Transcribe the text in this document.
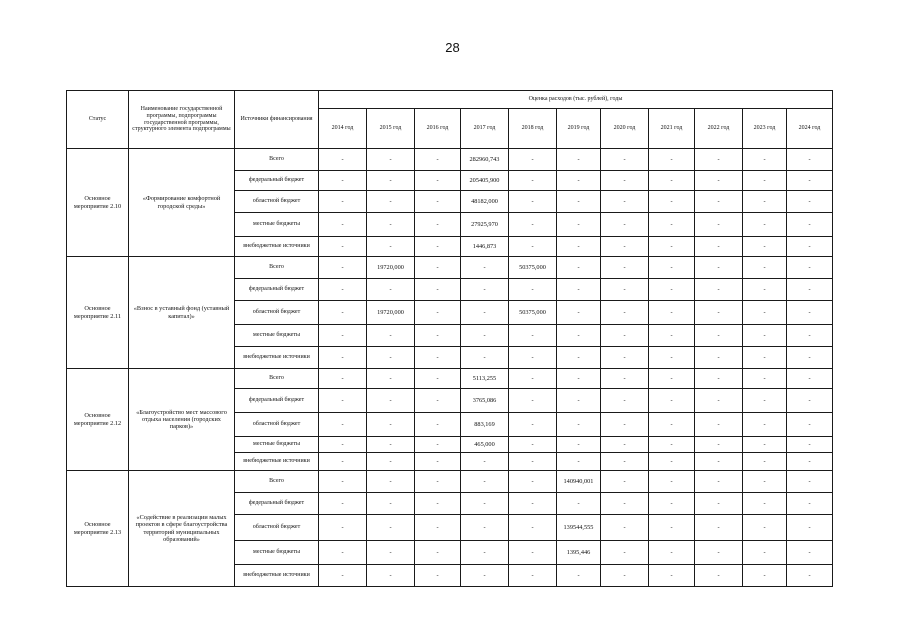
28
Статус	Наименование государственной программы, подпрограммы государственной программы, структурного элемента подпрограммы	Источники финансирования	Оценка расходов (тыс. рублей), годы										
			2014 год	2015 год	2016 год	2017 год	2018 год	2019 год	2020 год	2021 год	2022 год	2023 год	2024 год
Основное мероприятие 2.10	«Формирование комфортной городской среды»	Всего	-	-	-	282960,743	-	-	-	-	-	-	-
		федеральный бюджет	-	-	-	205405,900	-	-	-	-	-	-	-
		областной бюджет	-	-	-	48182,000	-	-	-	-	-	-	-
		местные бюджеты	-	-	-	27925,970	-	-	-	-	-	-	-
		внебюджетные источники	-	-	-	1446,873	-	-	-	-	-	-	-
Основное мероприятие 2.11	«Взнос в уставный фонд (уставный капитал)»	Всего	-	19720,000	-	-	50375,000	-	-	-	-	-	-
		федеральный бюджет	-	-	-	-	-	-	-	-	-	-	-
		областной бюджет	-	19720,000	-	-	50375,000	-	-	-	-	-	-
		местные бюджеты	-	-	-	-	-	-	-	-	-	-	-
		внебюджетные источники	-	-	-	-	-	-	-	-	-	-	-
Основное мероприятие 2.12	«Благоустройство мест массового отдыха населения (городских парков)»	Всего	-	-	-	5113,255	-	-	-	-	-	-	-
		федеральный бюджет	-	-	-	3765,086	-	-	-	-	-	-	-
		областной бюджет	-	-	-	883,169	-	-	-	-	-	-	-
		местные бюджеты	-	-	-	465,000	-	-	-	-	-	-	-
		внебюджетные источники	-	-	-	-	-	-	-	-	-	-	-
Основное мероприятие 2.13	«Содействие в реализации малых проектов в сфере благоустройства территорий муниципальных образований»	Всего	-	-	-	-	-	140940,001	-	-	-	-	-
		федеральный бюджет	-	-	-	-	-	-	-	-	-	-	-
		областной бюджет	-	-	-	-	-	139544,555	-	-	-	-	-
		местные бюджеты	-	-	-	-	-	1395,446	-	-	-	-	-
		внебюджетные источники	-	-	-	-	-	-	-	-	-	-	-
